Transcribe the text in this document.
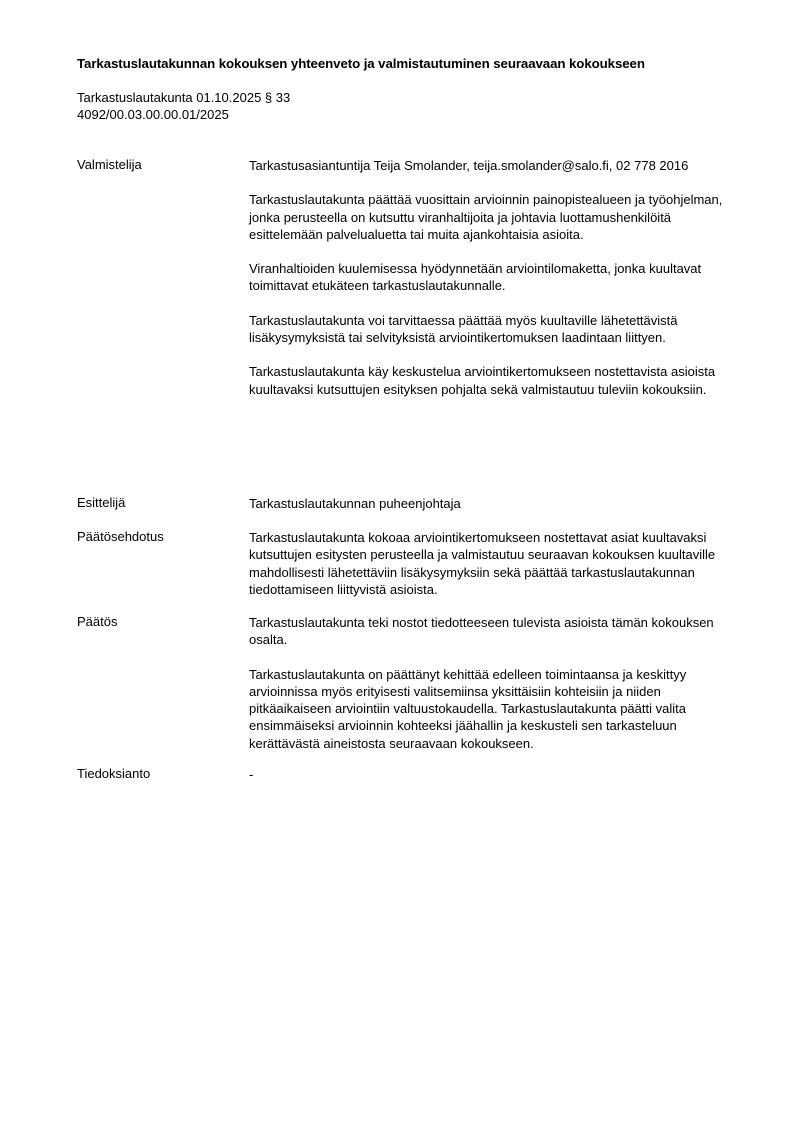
Tarkastuslautakunnan kokouksen yhteenveto ja valmistautuminen seuraavaan kokoukseen
Tarkastuslautakunta 01.10.2025 § 33
4092/00.03.00.00.01/2025
Valmistelija	Tarkastusasiantuntija Teija Smolander, teija.smolander@salo.fi, 02 778 2016

Tarkastuslautakunta päättää vuosittain arvioinnin painopistealueen ja työohjelman, jonka perusteella on kutsuttu viranhaltijoita ja johtavia luottamushenkilöitä esittelemään palvelualuetta tai muita ajankohtaisia asioita.

Viranhaltioiden kuulemisessa hyödynnetään arviointilomaketta, jonka kuultavat toimittavat etukäteen tarkastuslautakunnalle.

Tarkastuslautakunta voi tarvittaessa päättää myös kuultaville lähetettävistä lisäkysymyksistä tai selvityksistä arviointikertomuksen laadintaan liittyen.

Tarkastuslautakunta käy keskustelua arviointikertomukseen nostettavista asioista kuultavaksi kutsuttujen esityksen pohjalta sekä valmistautuu tuleviin kokouksiin.

Esittelijä	Tarkastuslautakunnan puheenjohtaja

Päätösehdotus	Tarkastuslautakunta kokoaa arviointikertomukseen nostettavat asiat kuultavaksi kutsuttujen esitysten perusteella ja valmistautuu seuraavan kokouksen kuultaville mahdollisesti lähetettäviin lisäkysymyksiin sekä päättää tarkastuslautakunnan tiedottamiseen liittyvistä asioista.

Päätös	Tarkastuslautakunta teki nostot tiedotteeseen tulevista asioista tämän kokouksen osalta.

Tarkastuslautakunta on päättänyt kehittää edelleen toimintaansa ja keskittyy arvioinnissa myös erityisesti valitsemiinsa yksittäisiin kohteisiin ja niiden pitkäaikaiseen arviointiin valtuustokaudella. Tarkastuslautakunta päätti valita ensimmäiseksi arvioinnin kohteeksi jäähallin ja keskusteli sen tarkasteluun kerättävästä aineistosta seuraavaan kokoukseen.

Tiedoksianto	-
